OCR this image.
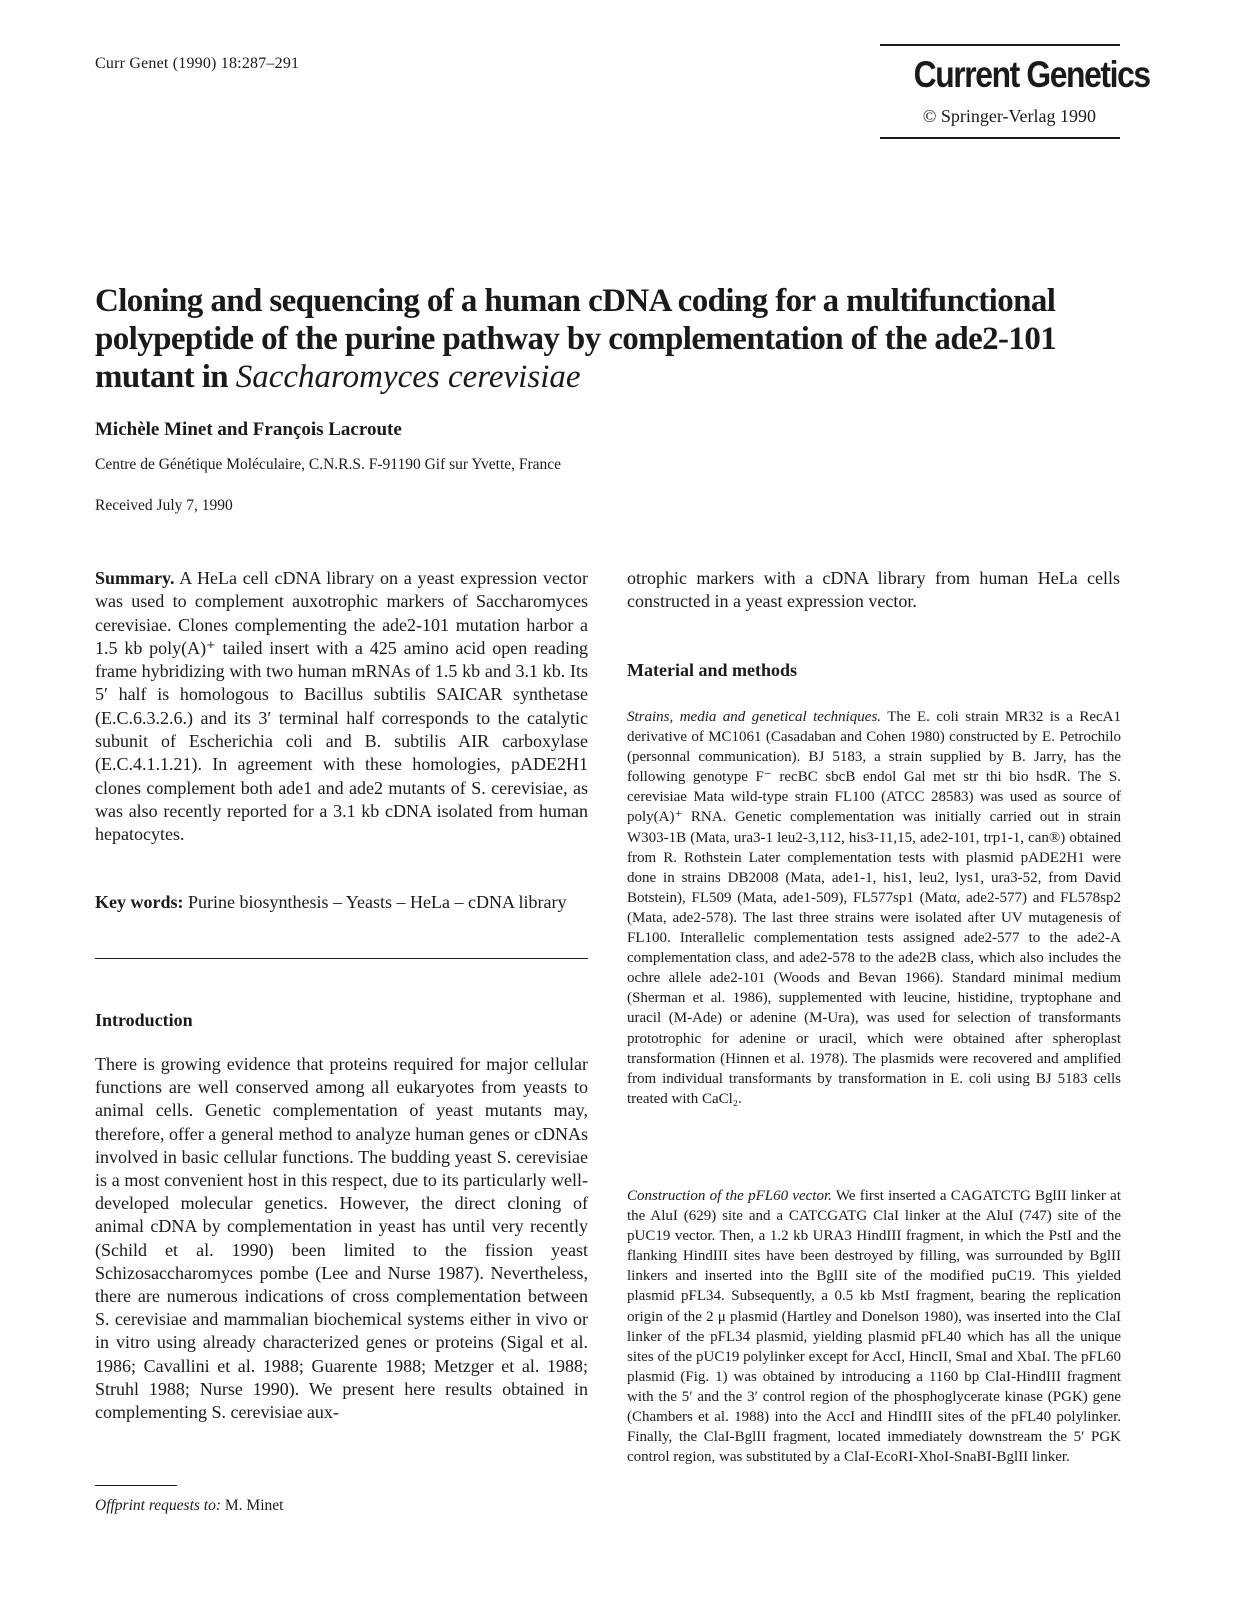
Curr Genet (1990) 18:287–291	Current Genetics
© Springer-Verlag 1990
Cloning and sequencing of a human cDNA coding for a multifunctional polypeptide of the purine pathway by complementation of the ade2-101 mutant in Saccharomyces cerevisiae
Michèle Minet and François Lacroute
Centre de Génétique Moléculaire, C.N.R.S. F-91190 Gif sur Yvette, France
Received July 7, 1990
Summary. A HeLa cell cDNA library on a yeast expression vector was used to complement auxotrophic markers of Saccharomyces cerevisiae. Clones complementing the ade2-101 mutation harbor a 1.5 kb poly(A)⁺ tailed insert with a 425 amino acid open reading frame hybridizing with two human mRNAs of 1.5 kb and 3.1 kb. Its 5′ half is homologous to Bacillus subtilis SAICAR synthetase (E.C.6.3.2.6.) and its 3′ terminal half corresponds to the catalytic subunit of Escherichia coli and B. subtilis AIR carboxylase (E.C.4.1.1.21). In agreement with these homologies, pADE2H1 clones complement both ade1 and ade2 mutants of S. cerevisiae, as was also recently reported for a 3.1 kb cDNA isolated from human hepatocytes.
Key words: Purine biosynthesis – Yeasts – HeLa – cDNA library
Introduction
There is growing evidence that proteins required for major cellular functions are well conserved among all eukaryotes from yeasts to animal cells. Genetic complementation of yeast mutants may, therefore, offer a general method to analyze human genes or cDNAs involved in basic cellular functions. The budding yeast S. cerevisiae is a most convenient host in this respect, due to its particularly well-developed molecular genetics. However, the direct cloning of animal cDNA by complementation in yeast has until very recently (Schild et al. 1990) been limited to the fission yeast Schizosaccharomyces pombe (Lee and Nurse 1987). Nevertheless, there are numerous indications of cross complementation between S. cerevisiae and mammalian biochemical systems either in vivo or in vitro using already characterized genes or proteins (Sigal et al. 1986; Cavallini et al. 1988; Guarente 1988; Metzger et al. 1988; Struhl 1988; Nurse 1990). We present here results obtained in complementing S. cerevisiae aux-
Offprint requests to: M. Minet
otrophic markers with a cDNA library from human HeLa cells constructed in a yeast expression vector.
Material and methods
Strains, media and genetical techniques. The E. coli strain MR32 is a RecA1 derivative of MC1061 (Casadaban and Cohen 1980) constructed by E. Petrochilo (personnal communication). BJ 5183, a strain supplied by B. Jarry, has the following genotype F⁻ recBC sbcB endol Gal met str thi bio hsdR. The S. cerevisiae Mata wild-type strain FL100 (ATCC 28583) was used as source of poly(A)⁺ RNA. Genetic complementation was initially carried out in strain W303-1B (Mata, ura3-1 leu2-3,112, his3-11,15, ade2-101, trp1-1, can®) obtained from R. Rothstein Later complementation tests with plasmid pADE2H1 were done in strains DB2008 (Mata, ade1-1, his1, leu2, lys1, ura3-52, from David Botstein), FL509 (Mata, ade1-509), FL577sp1 (Matα, ade2-577) and FL578sp2 (Mata, ade2-578). The last three strains were isolated after UV mutagenesis of FL100. Interallelic complementation tests assigned ade2-577 to the ade2-A complementation class, and ade2-578 to the ade2B class, which also includes the ochre allele ade2-101 (Woods and Bevan 1966). Standard minimal medium (Sherman et al. 1986), supplemented with leucine, histidine, tryptophane and uracil (M-Ade) or adenine (M-Ura), was used for selection of transformants prototrophic for adenine or uracil, which were obtained after spheroplast transformation (Hinnen et al. 1978). The plasmids were recovered and amplified from individual transformants by transformation in E. coli using BJ 5183 cells treated with CaCl₂.
Construction of the pFL60 vector. We first inserted a CAGATCTG BglII linker at the AluI (629) site and a CATCGATG ClaI linker at the AluI (747) site of the pUC19 vector. Then, a 1.2 kb URA3 HindIII fragment, in which the PstI and the flanking HindIII sites have been destroyed by filling, was surrounded by BglII linkers and inserted into the BglII site of the modified puC19. This yielded plasmid pFL34. Subsequently, a 0.5 kb MstI fragment, bearing the replication origin of the 2 μ plasmid (Hartley and Donelson 1980), was inserted into the ClaI linker of the pFL34 plasmid, yielding plasmid pFL40 which has all the unique sites of the pUC19 polylinker except for AccI, HincII, SmaI and XbaI. The pFL60 plasmid (Fig. 1) was obtained by introducing a 1160 bp ClaI-HindIII fragment with the 5′ and the 3′ control region of the phosphoglycerate kinase (PGK) gene (Chambers et al. 1988) into the AccI and HindIII sites of the pFL40 polylinker. Finally, the ClaI-BglII fragment, located immediately downstream the 5′ PGK control region, was substituted by a ClaI-EcoRI-XhoI-SnaBI-BglII linker.
